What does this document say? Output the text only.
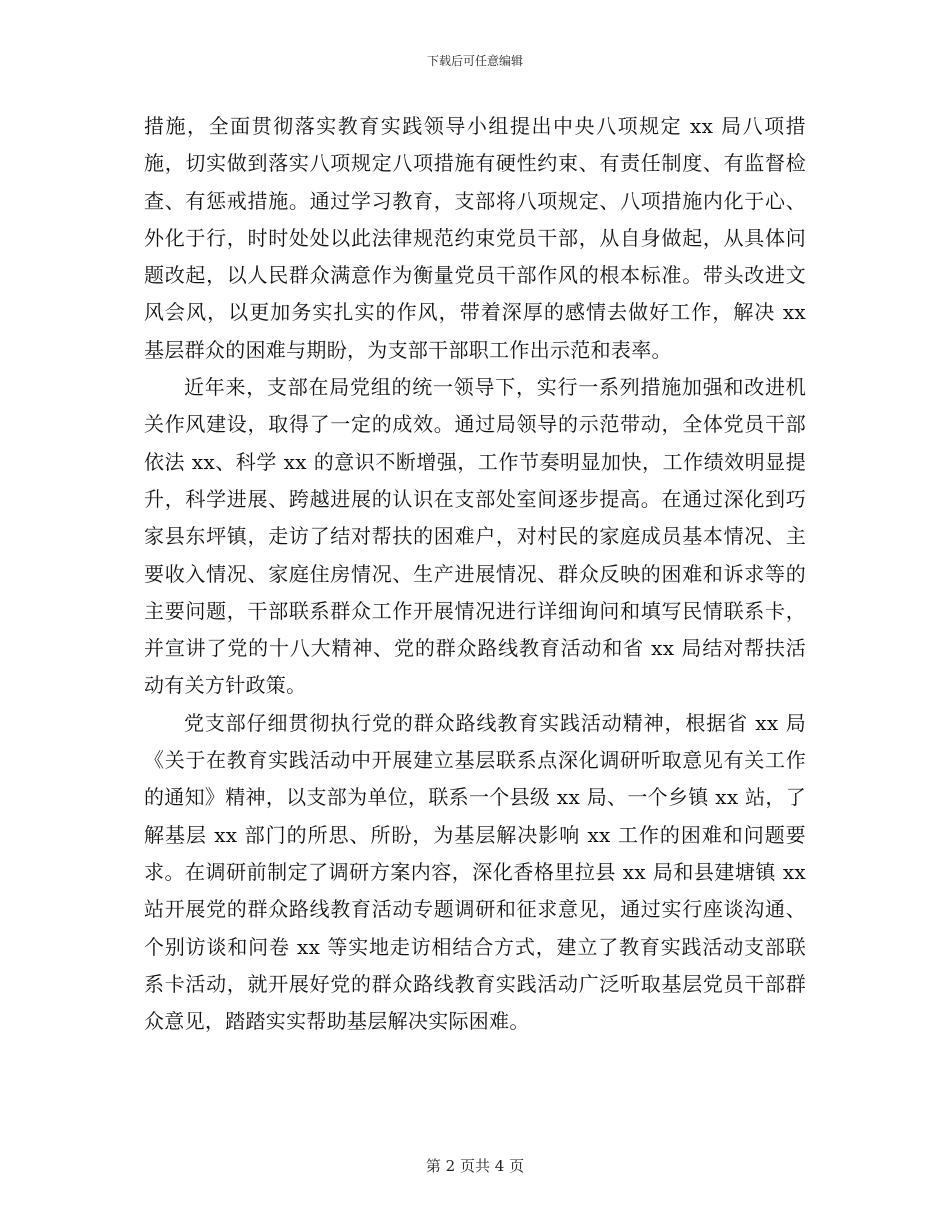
下载后可任意编辑

措施，全面贯彻落实教育实践领导小组提出中央八项规定 xx 局八项措施，切实做到落实八项规定八项措施有硬性约束、有责任制度、有监督检查、有惩戒措施。通过学习教育，支部将八项规定、八项措施内化于心、外化于行，时时处处以此法律规范约束党员干部，从自身做起，从具体问题改起，以人民群众满意作为衡量党员干部作风的根本标准。带头改进文风会风，以更加务实扎实的作风，带着深厚的感情去做好工作，解决 xx 基层群众的困难与期盼，为支部干部职工作出示范和表率。

近年来，支部在局党组的统一领导下，实行一系列措施加强和改进机关作风建设，取得了一定的成效。通过局领导的示范带动，全体党员干部依法 xx、科学 xx 的意识不断增强，工作节奏明显加快，工作绩效明显提升，科学进展、跨越进展的认识在支部处室间逐步提高。在通过深化到巧家县东坪镇，走访了结对帮扶的困难户，对村民的家庭成员基本情况、主要收入情况、家庭住房情况、生产进展情况、群众反映的困难和诉求等的主要问题，干部联系群众工作开展情况进行详细询问和填写民情联系卡，并宣讲了党的十八大精神、党的群众路线教育活动和省 xx 局结对帮扶活动有关方针政策。

党支部仔细贯彻执行党的群众路线教育实践活动精神，根据省 xx 局《关于在教育实践活动中开展建立基层联系点深化调研听取意见有关工作的通知》精神，以支部为单位，联系一个县级 xx 局、一个乡镇 xx 站，了解基层 xx 部门的所思、所盼，为基层解决影响 xx 工作的困难和问题要求。在调研前制定了调研方案内容，深化香格里拉县 xx 局和县建塘镇 xx 站开展党的群众路线教育活动专题调研和征求意见，通过实行座谈沟通、个别访谈和问卷 xx 等实地走访相结合方式，建立了教育实践活动支部联系卡活动，就开展好党的群众路线教育实践活动广泛听取基层党员干部群众意见，踏踏实实帮助基层解决实际困难。

第 2 页共 4 页
